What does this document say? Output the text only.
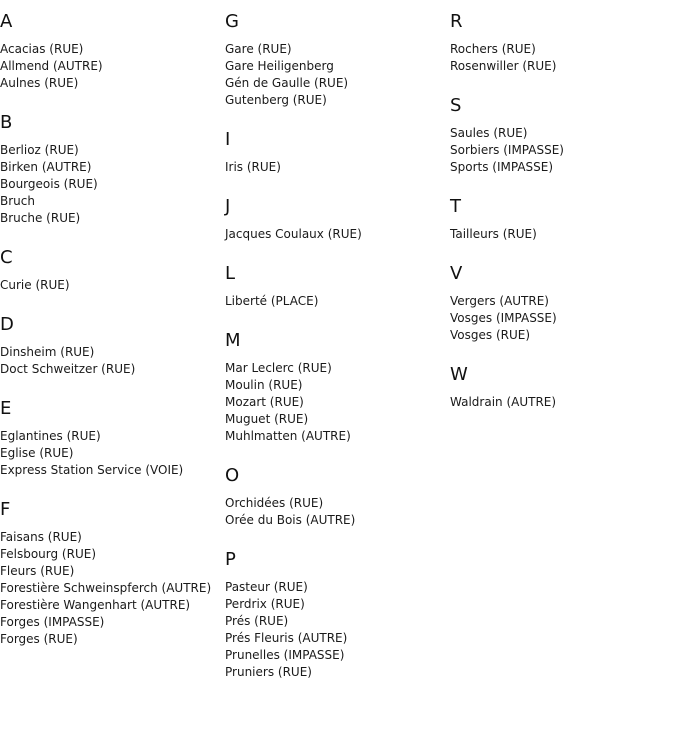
A
Acacias (RUE)
Allmend (AUTRE)
Aulnes (RUE)
B
Berlioz (RUE)
Birken (AUTRE)
Bourgeois (RUE)
Bruch
Bruche (RUE)
C
Curie (RUE)
D
Dinsheim (RUE)
Doct Schweitzer (RUE)
E
Eglantines (RUE)
Eglise (RUE)
Express Station Service (VOIE)
F
Faisans (RUE)
Felsbourg (RUE)
Fleurs (RUE)
Forestière Schweinspferch (AUTRE)
Forestière Wangenhart (AUTRE)
Forges (IMPASSE)
Forges (RUE)
G
Gare (RUE)
Gare Heiligenberg
Gén de Gaulle (RUE)
Gutenberg (RUE)
I
Iris (RUE)
J
Jacques Coulaux (RUE)
L
Liberté (PLACE)
M
Mar Leclerc (RUE)
Moulin (RUE)
Mozart (RUE)
Muguet (RUE)
Muhlmatten (AUTRE)
O
Orchidées (RUE)
Orée du Bois (AUTRE)
P
Pasteur (RUE)
Perdrix (RUE)
Prés (RUE)
Prés Fleuris (AUTRE)
Prunelles (IMPASSE)
Pruniers (RUE)
R
Rochers (RUE)
Rosenwiller (RUE)
S
Saules (RUE)
Sorbiers (IMPASSE)
Sports (IMPASSE)
T
Tailleurs (RUE)
V
Vergers (AUTRE)
Vosges (IMPASSE)
Vosges (RUE)
W
Waldrain (AUTRE)
